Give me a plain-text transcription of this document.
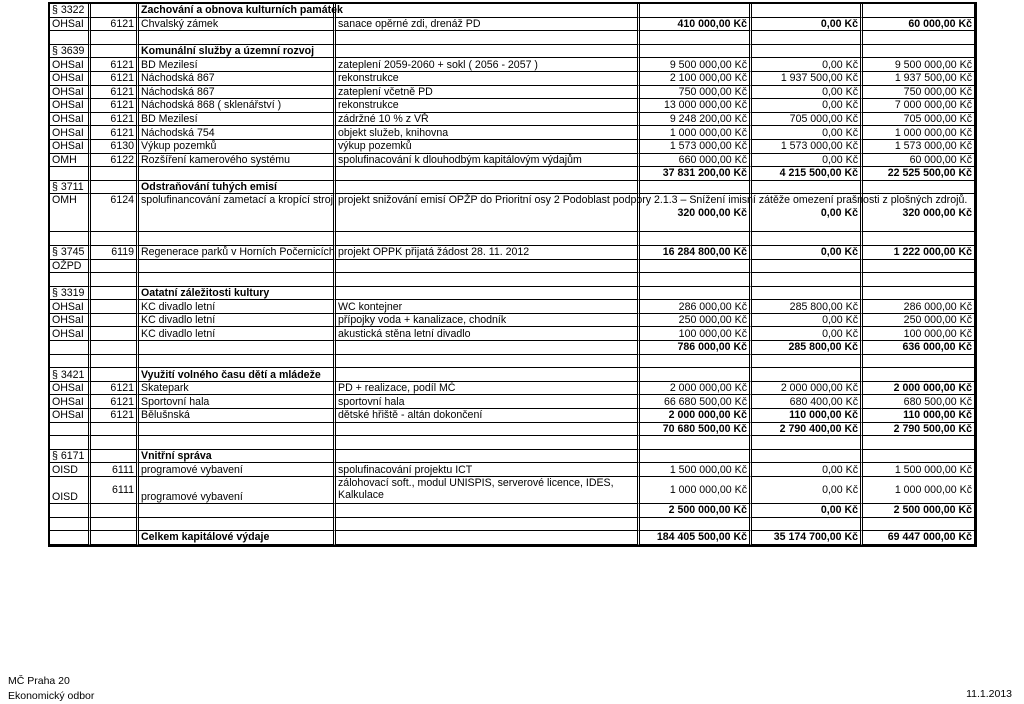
§ 3322		Zachování a obnova kulturních památek				
OHSaI	6121	Chvalský zámek	sanace opěrné zdi, drenáž PD	410 000,00 Kč	0,00 Kč	60 000,00 Kč

§ 3639		Komunální služby a územní rozvoj				
OHSaI	6121	BD Mezilesí	zateplení 2059-2060 + sokl ( 2056 - 2057 )	9 500 000,00 Kč	0,00 Kč	9 500 000,00 Kč
OHSaI	6121	Náchodská 867	rekonstrukce	2 100 000,00 Kč	1 937 500,00 Kč	1 937 500,00 Kč
OHSaI	6121	Náchodská 867	zateplení včetně PD	750 000,00 Kč	0,00 Kč	750 000,00 Kč
OHSaI	6121	Náchodská 868 ( sklenářství )	rekonstrukce	13 000 000,00 Kč	0,00 Kč	7 000 000,00 Kč
OHSaI	6121	BD Mezilesí	zádržné 10 % z VŘ	9 248 200,00 Kč	705 000,00 Kč	705 000,00 Kč
OHSaI	6121	Náchodská 754	objekt služeb, knihovna	1 000 000,00 Kč	0,00 Kč	1 000 000,00 Kč
OHSaI	6130	Výkup pozemků	výkup pozemků	1 573 000,00 Kč	1 573 000,00 Kč	1 573 000,00 Kč
OMH	6122	Rozšíření kamerového systému	spolufinacování k dlouhodbým kapitálovým výdajům	660 000,00 Kč	0,00 Kč	60 000,00 Kč
				37 831 200,00 Kč	4 215 500,00 Kč	22 525 500,00 Kč
§ 3711		Odstraňování tuhých emisí				
OMH	6124	spolufinancování zametací a kropící stroj	projekt snižování emisí OPŽP do Prioritní osy 2 Podoblast podpory 2.1.3 – Snížení imisní zátěže omezení prašnosti z plošných zdrojů.	320 000,00 Kč	0,00 Kč	320 000,00 Kč

§ 3745	6119	Regenerace parků v Horních Počernicích	projekt OPPK přijatá žádost 28. 11. 2012	16 284 800,00 Kč	0,00 Kč	1 222 000,00 Kč
OŽPD						

§ 3319		Oatatní záležitosti kultury				
OHSaI		KC divadlo letní	WC kontejner	286 000,00 Kč	285 800,00 Kč	286 000,00 Kč
OHSaI		KC divadlo letní	přípojky voda + kanalizace, chodník	250 000,00 Kč	0,00 Kč	250 000,00 Kč
OHSaI		KC divadlo letní	akustická stěna letní divadlo	100 000,00 Kč	0,00 Kč	100 000,00 Kč
				786 000,00 Kč	285 800,00 Kč	636 000,00 Kč

§ 3421		Využití volného času dětí a mládeže				
OHSaI	6121	Skatepark	PD + realizace, podíl MČ	2 000 000,00 Kč	2 000 000,00 Kč	2 000 000,00 Kč
OHSaI	6121	Sportovní hala	sportovní hala	66 680 500,00 Kč	680 400,00 Kč	680 500,00 Kč
OHSaI	6121	Bělušnská	dětské hřiště - altán dokončení	2 000 000,00 Kč	110 000,00 Kč	110 000,00 Kč
				70 680 500,00 Kč	2 790 400,00 Kč	2 790 500,00 Kč

§ 6171		Vnitřní správa				
OISD	6111	programové vybavení	spolufinacování projektu ICT	1 500 000,00 Kč	0,00 Kč	1 500 000,00 Kč
OISD	6111	programové vybavení	zálohovací soft., modul UNISPIS, serverové licence, IDES, Kalkulace	1 000 000,00 Kč	0,00 Kč	1 000 000,00 Kč
				2 500 000,00 Kč	0,00 Kč	2 500 000,00 Kč

		Celkem kapitálové výdaje		184 405 500,00 Kč	35 174 700,00 Kč	69 447 000,00 Kč
MČ Praha 20
Ekonomický odbor	11.1.2013
